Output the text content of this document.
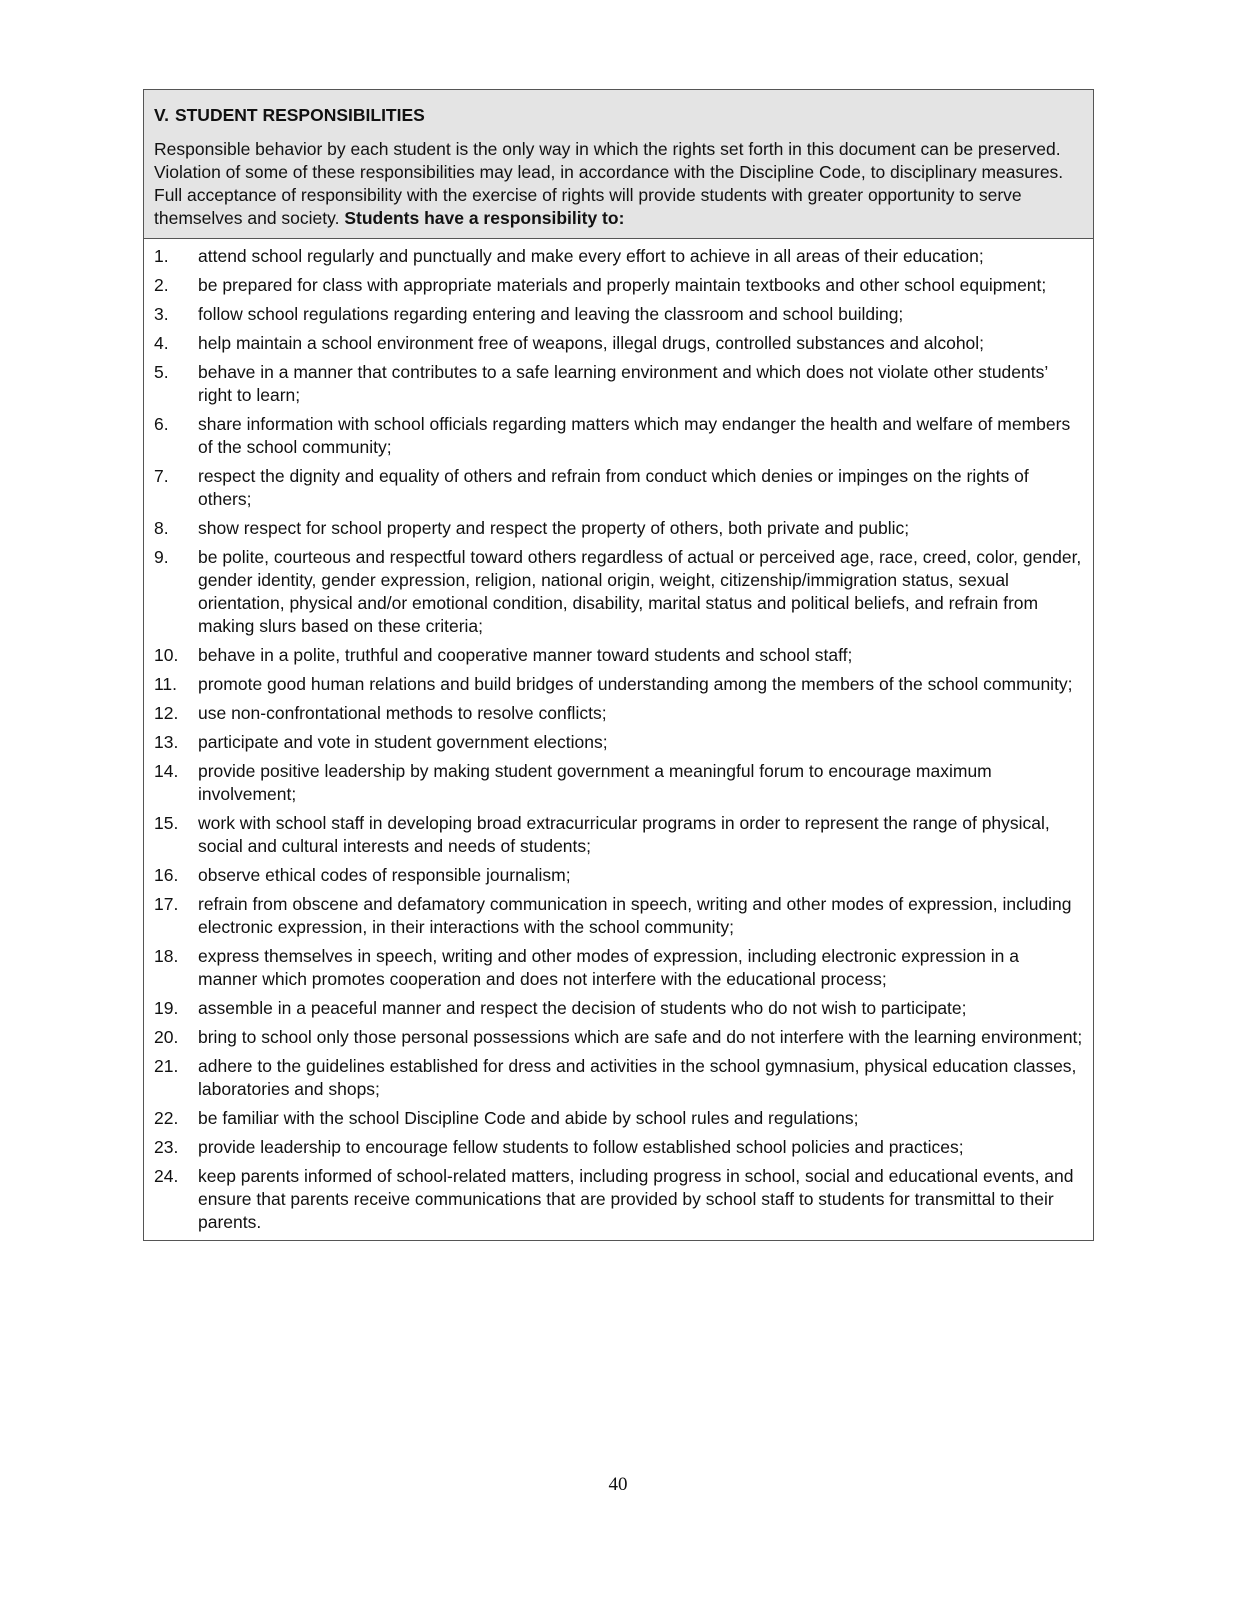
V. STUDENT RESPONSIBILITIES

Responsible behavior by each student is the only way in which the rights set forth in this document can be preserved. Violation of some of these responsibilities may lead, in accordance with the Discipline Code, to disciplinary measures. Full acceptance of responsibility with the exercise of rights will provide students with greater opportunity to serve themselves and society. Students have a responsibility to:

1.	attend school regularly and punctually and make every effort to achieve in all areas of their education;
2.	be prepared for class with appropriate materials and properly maintain textbooks and other school equipment;
3.	follow school regulations regarding entering and leaving the classroom and school building;
4.	help maintain a school environment free of weapons, illegal drugs, controlled substances and alcohol;
5.	behave in a manner that contributes to a safe learning environment and which does not violate other students’ right to learn;
6.	share information with school officials regarding matters which may endanger the health and welfare of members of the school community;
7.	respect the dignity and equality of others and refrain from conduct which denies or impinges on the rights of others;
8.	show respect for school property and respect the property of others, both private and public;
9.	be polite, courteous and respectful toward others regardless of actual or perceived age, race, creed, color, gender, gender identity, gender expression, religion, national origin, weight, citizenship/immigration status, sexual orientation, physical and/or emotional condition, disability, marital status and political beliefs, and refrain from making slurs based on these criteria;
10.	behave in a polite, truthful and cooperative manner toward students and school staff;
11.	promote good human relations and build bridges of understanding among the members of the school community;
12.	use non-confrontational methods to resolve conflicts;
13.	participate and vote in student government elections;
14.	provide positive leadership by making student government a meaningful forum to encourage maximum involvement;
15.	work with school staff in developing broad extracurricular programs in order to represent the range of physical, social and cultural interests and needs of students;
16.	observe ethical codes of responsible journalism;
17.	refrain from obscene and defamatory communication in speech, writing and other modes of expression, including electronic expression, in their interactions with the school community;
18.	express themselves in speech, writing and other modes of expression, including electronic expression in a manner which promotes cooperation and does not interfere with the educational process;
19.	assemble in a peaceful manner and respect the decision of students who do not wish to participate;
20.	bring to school only those personal possessions which are safe and do not interfere with the learning environment;
21.	adhere to the guidelines established for dress and activities in the school gymnasium, physical education classes, laboratories and shops;
22.	be familiar with the school Discipline Code and abide by school rules and regulations;
23.	provide leadership to encourage fellow students to follow established school policies and practices;
24.	keep parents informed of school-related matters, including progress in school, social and educational events, and ensure that parents receive communications that are provided by school staff to students for transmittal to their parents.
40
